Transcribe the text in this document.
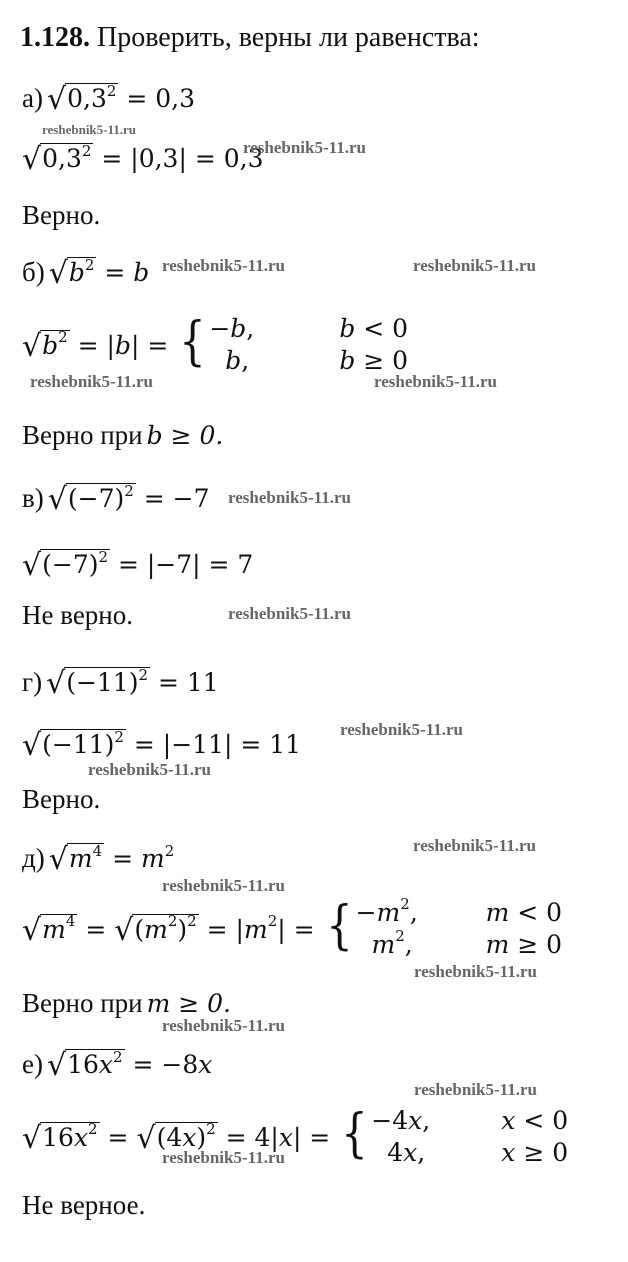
1.128. Проверить, верны ли равенства:
а) $√0,3^2 = 0,3$
reshebnik5-11.ru
$√0,3^2 = |0,3| = 0,3$
reshebnik5-11.ru
Верно.
б) $√b^2 = b$ reshebnik5-11.ru	reshebnik5-11.ru
$√b^2 = |b|$ = { −b,	b < 0
b,	b ≥ 0
reshebnik5-11.ru	reshebnik5-11.ru
Верно при b ≥ 0.
в) $√(-7)^2 = -7$ reshebnik5-11.ru
$√(-7)^2 = |-7| = 7$
Не верно.	reshebnik5-11.ru
г) $√(-11)^2 = 11$
$√(-11)^2 = |-11| = 11$
reshebnik5-11.ru
reshebnik5-11.ru
Верно.
д) $√m^4 = m^2$	reshebnik5-11.ru
reshebnik5-11.ru
$√m^4 = √(m^2)^2 = |m^2|$ = { $-m^2$,	m < 0
$m^2$,	m ≥ 0
reshebnik5-11.ru
Верно при m ≥ 0.
reshebnik5-11.ru
е) $√16x^2 = -8x$
reshebnik5-11.ru
$√16x^2 = √(4x)^2 = 4|x|$ = { −4x,	x < 0
4x,	x ≥ 0
reshebnik5-11.ru
Не верное.
